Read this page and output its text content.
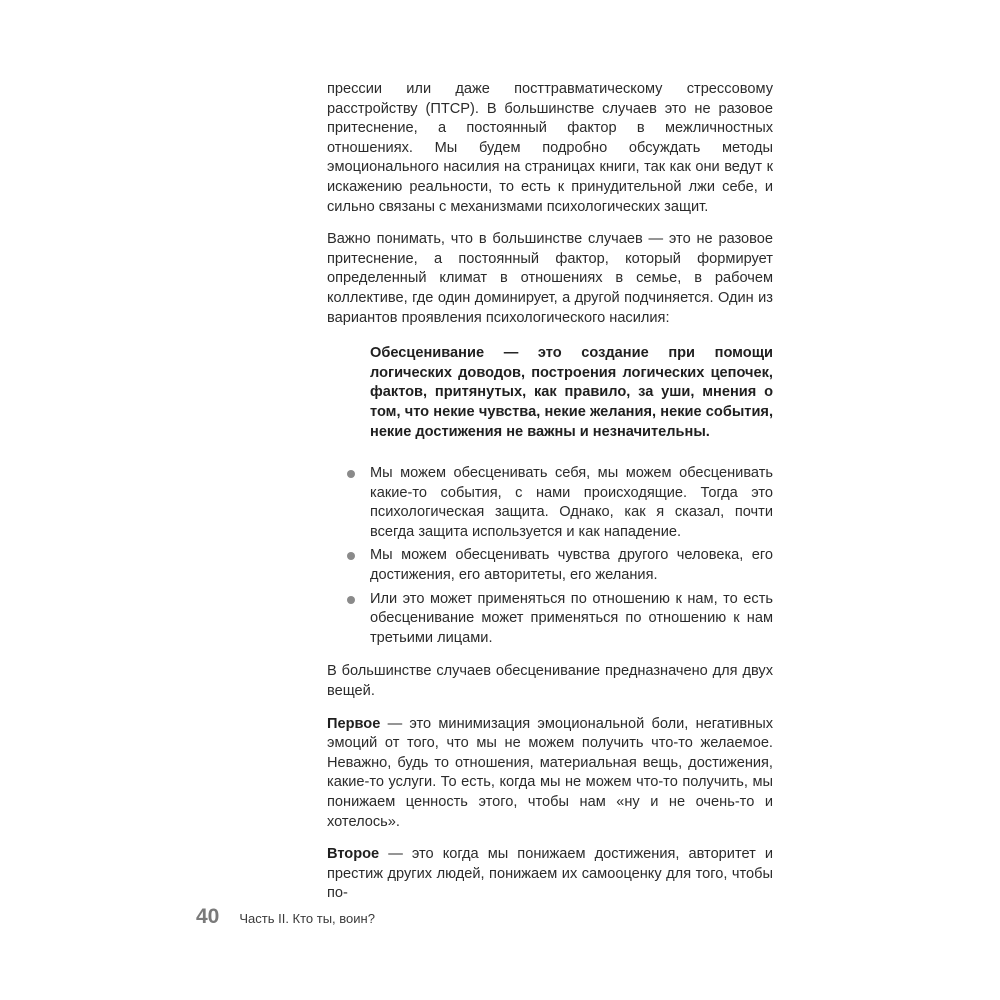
прессии или даже посттравматическому стрессовому расстройству (ПТСР). В большинстве случаев это не разовое притеснение, а постоянный фактор в межличностных отношениях. Мы будем подробно обсуждать методы эмоционального насилия на страницах книги, так как они ведут к искажению реальности, то есть к принудительной лжи себе, и сильно связаны с механизмами психологических защит.

Важно понимать, что в большинстве случаев — это не разовое притеснение, а постоянный фактор, который формирует определенный климат в отношениях в семье, в рабочем коллективе, где один доминирует, а другой подчиняется. Один из вариантов проявления психологического насилия:

Обесценивание — это создание при помощи логических доводов, построения логических цепочек, фактов, притянутых, как правило, за уши, мнения о том, что некие чувства, некие желания, некие события, некие достижения не важны и незначительны.

Мы можем обесценивать себя, мы можем обесценивать какие-то события, с нами происходящие. Тогда это психологическая защита. Однако, как я сказал, почти всегда защита используется и как нападение.
Мы можем обесценивать чувства другого человека, его достижения, его авторитеты, его желания.
Или это может применяться по отношению к нам, то есть обесценивание может применяться по отношению к нам третьими лицами.

В большинстве случаев обесценивание предназначено для двух вещей.

Первое — это минимизация эмоциональной боли, негативных эмоций от того, что мы не можем получить что-то желаемое. Неважно, будь то отношения, материальная вещь, достижения, какие-то услуги. То есть, когда мы не можем что-то получить, мы понижаем ценность этого, чтобы нам «ну и не очень-то и хотелось».

Второе — это когда мы понижаем достижения, авторитет и престиж других людей, понижаем их самооценку для того, чтобы по-

40 Часть II. Кто ты, воин?
